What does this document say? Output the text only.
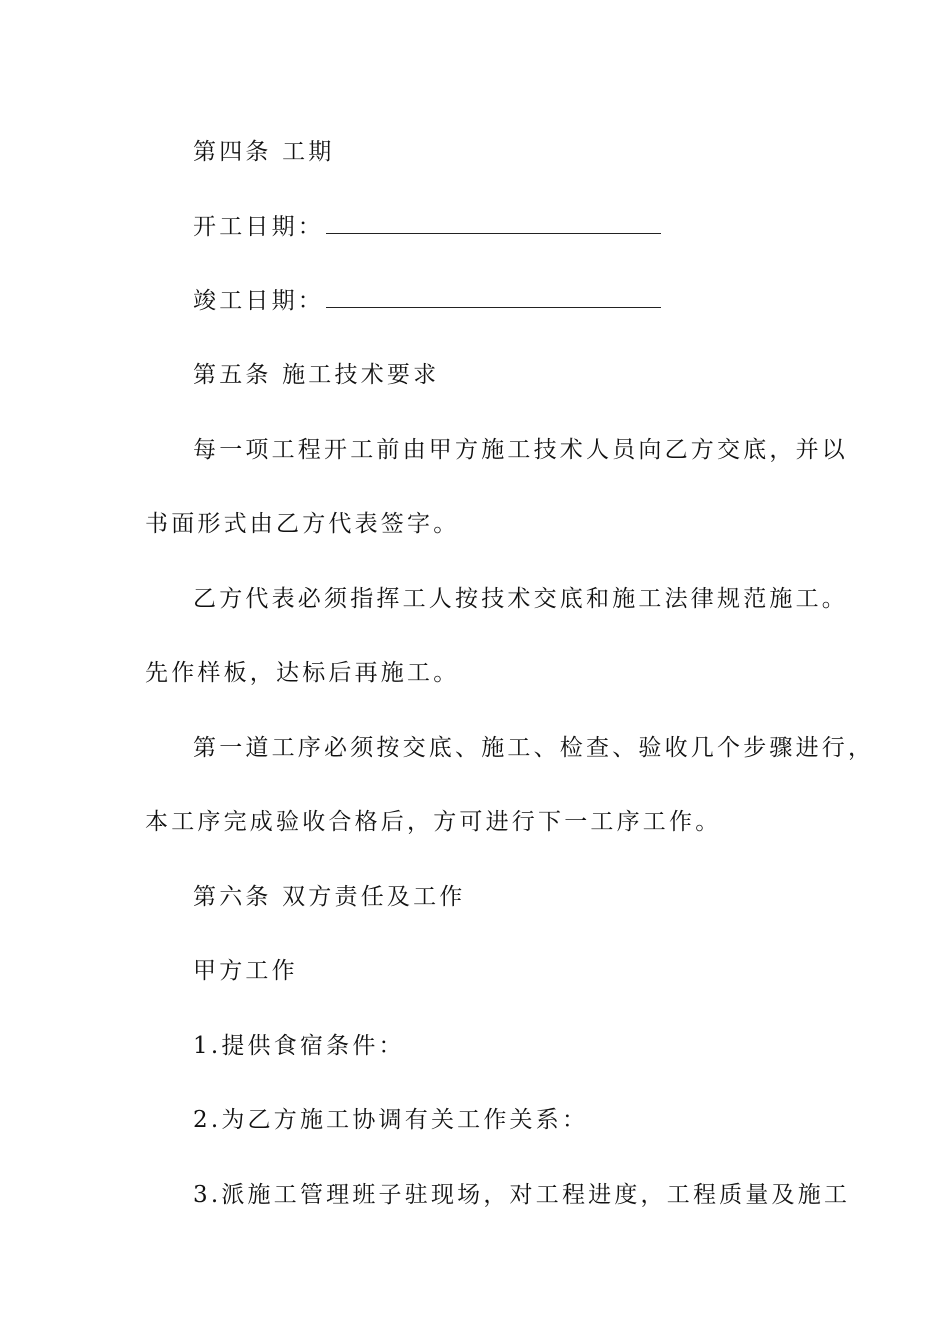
第四条 工期
开工日期：
竣工日期：
第五条 施工技术要求
每一项工程开工前由甲方施工技术人员向乙方交底，并以
书面形式由乙方代表签字。
乙方代表必须指挥工人按技术交底和施工法律规范施工。
先作样板，达标后再施工。
第一道工序必须按交底、施工、检查、验收几个步骤进行，
本工序完成验收合格后，方可进行下一工序工作。
第六条 双方责任及工作
甲方工作
1.提供食宿条件：
2.为乙方施工协调有关工作关系：
3.派施工管理班子驻现场，对工程进度，工程质量及施工
